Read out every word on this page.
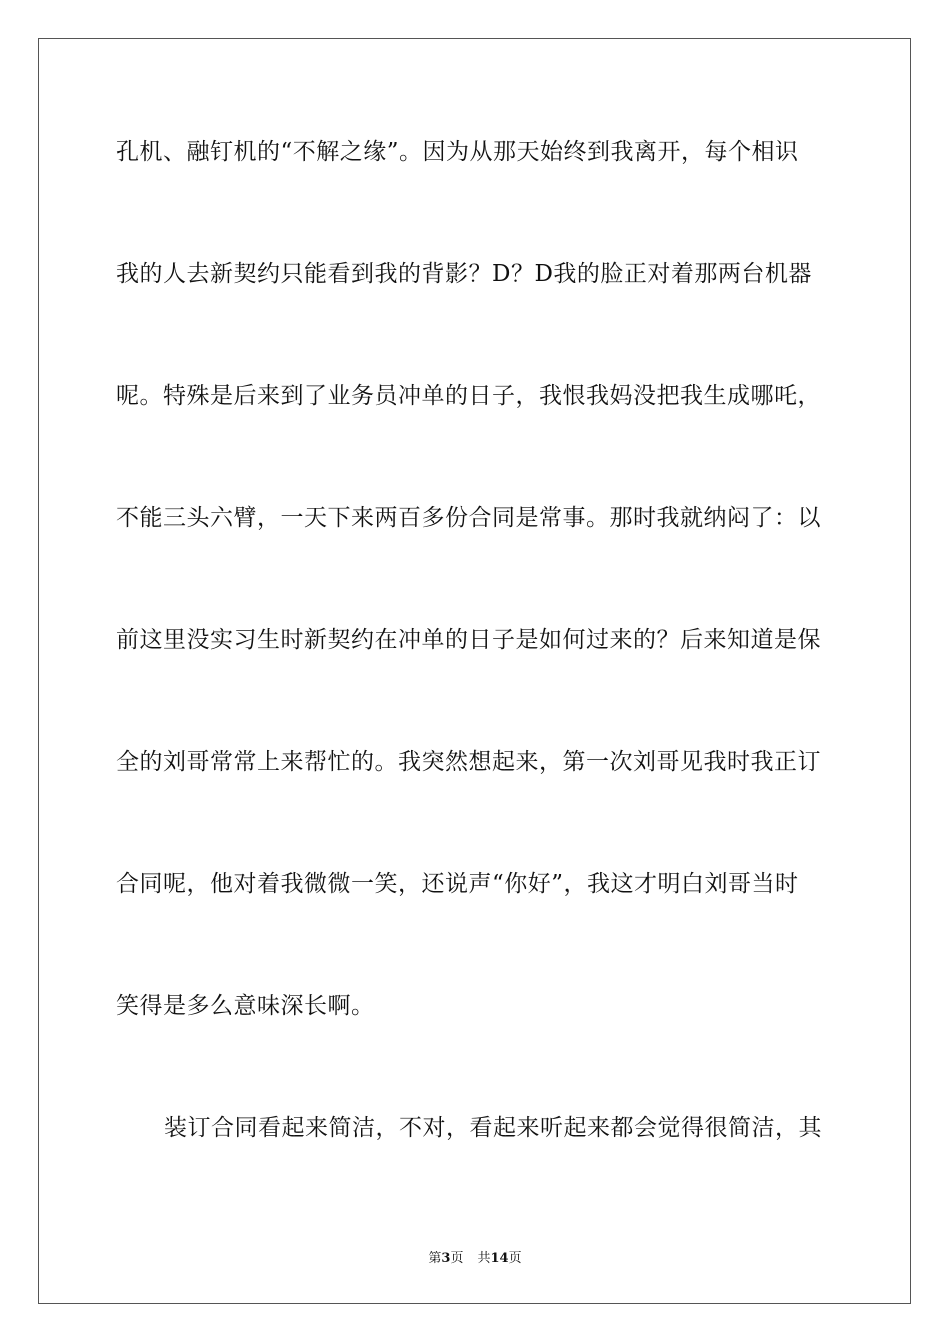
孔机、融钉机的“不解之缘”。因为从那天始终到我离开，每个相识
我的人去新契约只能看到我的背影？D？D我的脸正对着那两台机器
呢。特殊是后来到了业务员冲单的日子，我恨我妈没把我生成哪吒，
不能三头六臂，一天下来两百多份合同是常事。那时我就纳闷了：以
前这里没实习生时新契约在冲单的日子是如何过来的？后来知道是保
全的刘哥常常上来帮忙的。我突然想起来，第一次刘哥见我时我正订
合同呢，他对着我微微一笑，还说声“你好”，我这才明白刘哥当时
笑得是多么意味深长啊。
装订合同看起来简洁，不对，看起来听起来都会觉得很简洁，其
第3页 共14页
